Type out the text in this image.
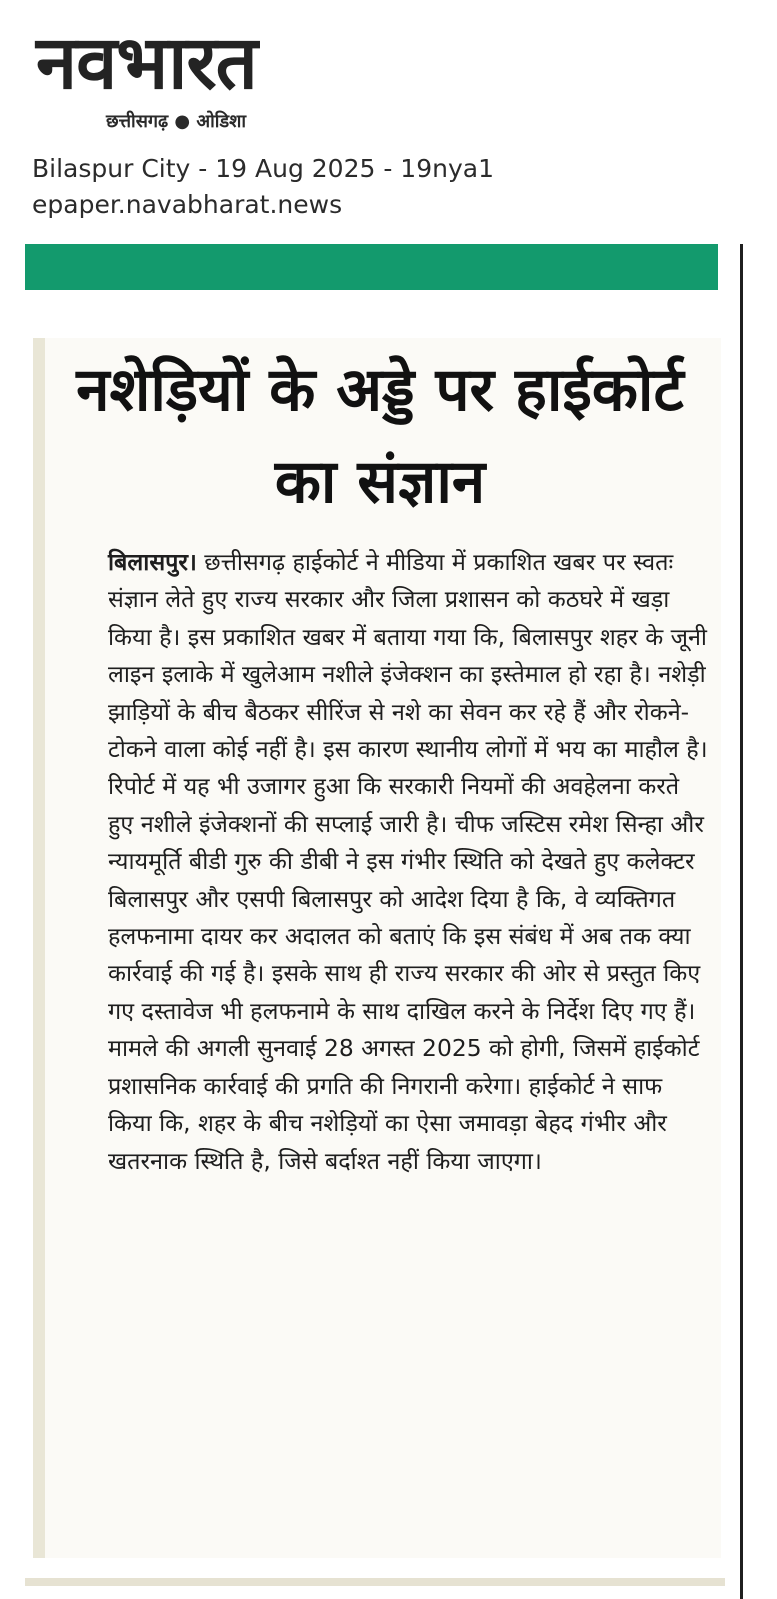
नवभारत
छत्तीसगढ़ ● ओडिशा
Bilaspur City - 19 Aug 2025 - 19nya1
epaper.navabharat.news
नशेड़ियों के अड्डे पर हाईकोर्ट का संज्ञान

बिलासपुर। छत्तीसगढ़ हाईकोर्ट ने मीडिया में प्रकाशित खबर पर स्वतः संज्ञान लेते हुए राज्य सरकार और जिला प्रशासन को कठघरे में खड़ा किया है। इस प्रकाशित खबर में बताया गया कि, बिलासपुर शहर के जूनी लाइन इलाके में खुलेआम नशीले इंजेक्शन का इस्तेमाल हो रहा है। नशेड़ी झाड़ियों के बीच बैठकर सीरिंज से नशे का सेवन कर रहे हैं और रोकने-टोकने वाला कोई नहीं है। इस कारण स्थानीय लोगों में भय का माहौल है। रिपोर्ट में यह भी उजागर हुआ कि सरकारी नियमों की अवहेलना करते हुए नशीले इंजेक्शनों की सप्लाई जारी है। चीफ जस्टिस रमेश सिन्हा और न्यायमूर्ति बीडी गुरु की डीबी ने इस गंभीर स्थिति को देखते हुए कलेक्टर बिलासपुर और एसपी बिलासपुर को आदेश दिया है कि, वे व्यक्तिगत हलफनामा दायर कर अदालत को बताएं कि इस संबंध में अब तक क्या कार्रवाई की गई है। इसके साथ ही राज्य सरकार की ओर से प्रस्तुत किए गए दस्तावेज भी हलफनामे के साथ दाखिल करने के निर्देश दिए गए हैं। मामले की अगली सुनवाई 28 अगस्त 2025 को होगी, जिसमें हाईकोर्ट प्रशासनिक कार्रवाई की प्रगति की निगरानी करेगा। हाईकोर्ट ने साफ किया कि, शहर के बीच नशेड़ियों का ऐसा जमावड़ा बेहद गंभीर और खतरनाक स्थिति है, जिसे बर्दाश्त नहीं किया जाएगा।
